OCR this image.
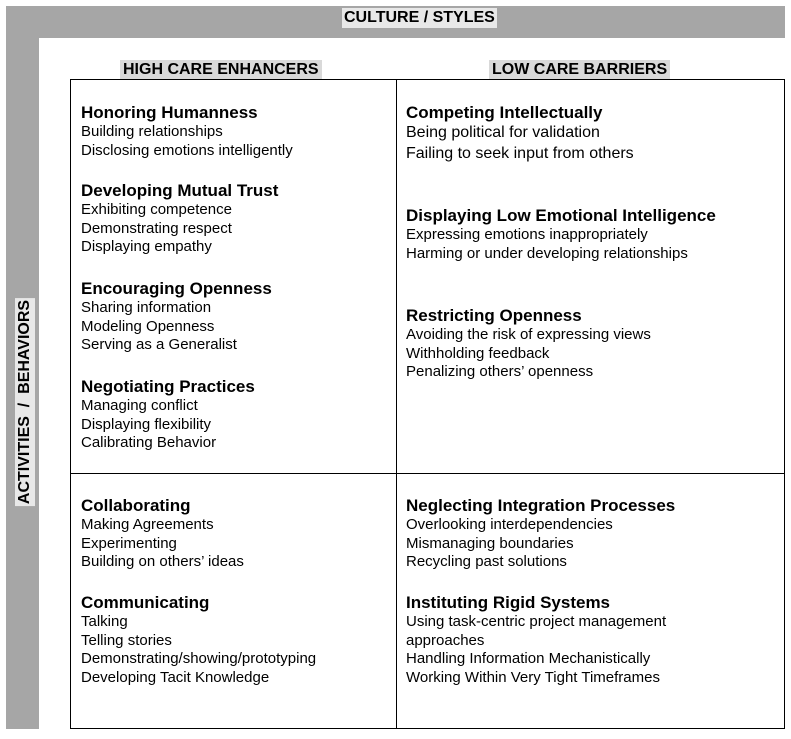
CULTURE / STYLES
ACTIVITIES  /  BEHAVIORS
HIGH CARE ENHANCERS	LOW CARE BARRIERS
Honoring Humanness
Building relationships
Disclosing emotions intelligently
Developing Mutual Trust
Exhibiting competence
Demonstrating respect
Displaying empathy
Encouraging Openness
Sharing information
Modeling Openness
Serving as a Generalist
Negotiating Practices
Managing conflict
Displaying flexibility
Calibrating Behavior
Competing Intellectually
Being political for validation
Failing to seek input from others
Displaying Low Emotional Intelligence
Expressing emotions inappropriately
Harming or under developing relationships
Restricting Openness
Avoiding the risk of expressing views
Withholding feedback
Penalizing others’ openness
Collaborating
Making Agreements
Experimenting
Building on others’ ideas
Communicating
Talking
Telling stories
Demonstrating/showing/prototyping
Developing Tacit Knowledge
Neglecting Integration Processes
Overlooking interdependencies
Mismanaging boundaries
Recycling past solutions
Instituting Rigid Systems
Using task-centric project management approaches
Handling Information Mechanistically
Working Within Very Tight Timeframes
